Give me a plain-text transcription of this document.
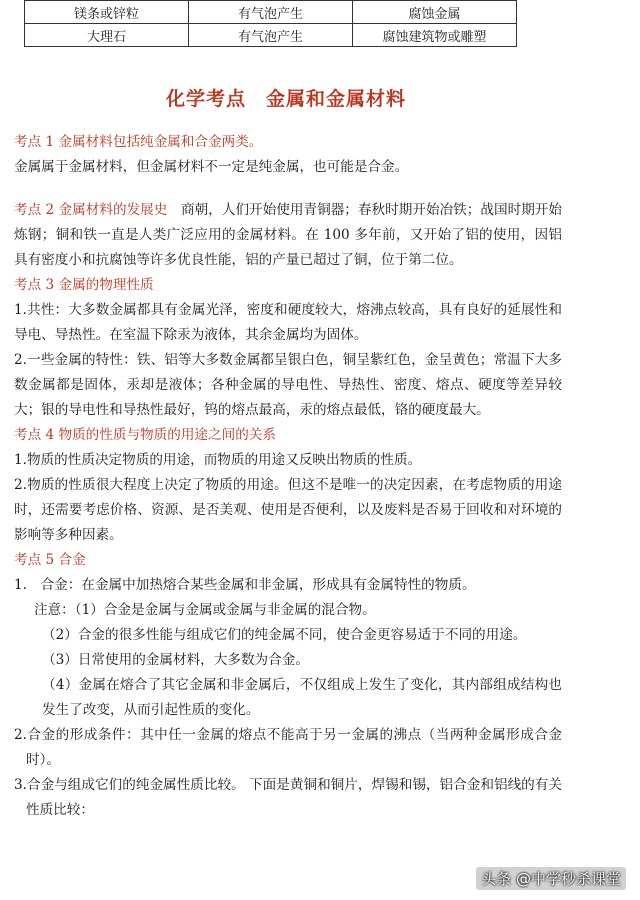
镁条或锌粒	有气泡产生	腐蚀金属
大理石	有气泡产生	腐蚀建筑物或雕塑
化学考点　金属和金属材料
考点 1 金属材料包括纯金属和合金两类。
金属属于金属材料，但金属材料不一定是纯金属，也可能是合金。
考点 2 金属材料的发展史　 商朝，人们开始使用青铜器；春秋时期开始冶铁；战国时期开始炼钢；铜和铁一直是人类广泛应用的金属材料。在 100 多年前，又开始了铝的使用，因铝具有密度小和抗腐蚀等许多优良性能，铝的产量已超过了铜，位于第二位。
考点 3 金属的物理性质
1.共性：大多数金属都具有金属光泽，密度和硬度较大，熔沸点较高，具有良好的延展性和导电、导热性。在室温下除汞为液体，其余金属均为固体。
2.一些金属的特性：铁、铝等大多数金属都呈银白色，铜呈紫红色，金呈黄色；常温下大多数金属都是固体，汞却是液体；各种金属的导电性、导热性、密度、熔点、硬度等差异较大；银的导电性和导热性最好，钨的熔点最高，汞的熔点最低，铬的硬度最大。
考点 4 物质的性质与物质的用途之间的关系
1.物质的性质决定物质的用途，而物质的用途又反映出物质的性质。
2.物质的性质很大程度上决定了物质的用途。但这不是唯一的决定因素，在考虑物质的用途时，还需要考虑价格、资源、是否美观、使用是否便利，以及废料是否易于回收和对环境的影响等多种因素。
考点 5 合金
1.　合金：在金属中加热熔合某些金属和非金属，形成具有金属特性的物质。
注意：（1）合金是金属与金属或金属与非金属的混合物。
（2）合金的很多性能与组成它们的纯金属不同，使合金更容易适于不同的用途。
（3）日常使用的金属材料，大多数为合金。
（4）金属在熔合了其它金属和非金属后，不仅组成上发生了变化，其内部组成结构也发生了改变，从而引起性质的变化。
2.合金的形成条件：其中任一金属的熔点不能高于另一金属的沸点（当两种金属形成合金时）。
3.合金与组成它们的纯金属性质比较。 下面是黄铜和铜片，焊锡和锡，铝合金和铝线的有关性质比较：
头条 @中学秒杀课堂
